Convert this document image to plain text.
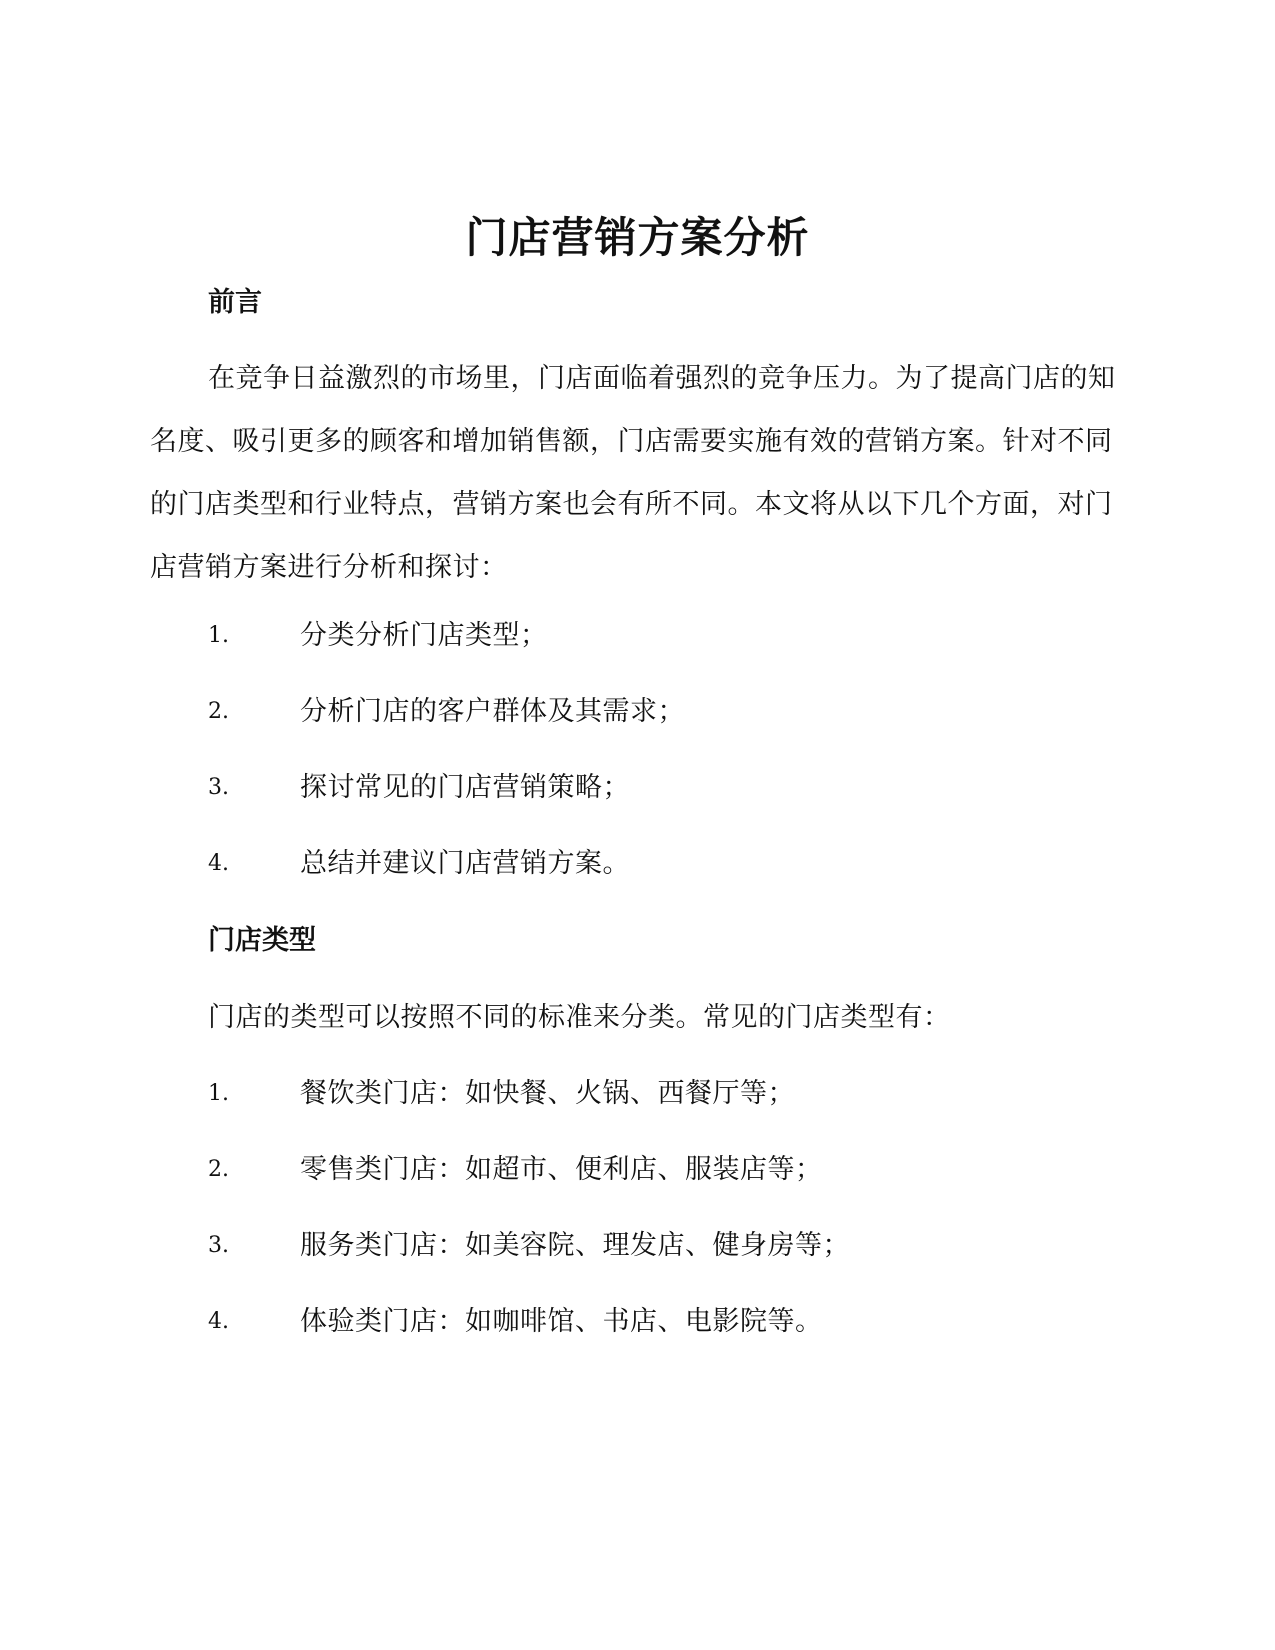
门店营销方案分析
前言

在竞争日益激烈的市场里，门店面临着强烈的竞争压力。为了提高门店的知名度、吸引更多的顾客和增加销售额，门店需要实施有效的营销方案。针对不同的门店类型和行业特点，营销方案也会有所不同。本文将从以下几个方面，对门店营销方案进行分析和探讨：

1.	分类分析门店类型；
2.	分析门店的客户群体及其需求；
3.	探讨常见的门店营销策略；
4.	总结并建议门店营销方案。
门店类型

门店的类型可以按照不同的标准来分类。常见的门店类型有：

1.	餐饮类门店：如快餐、火锅、西餐厅等；
2.	零售类门店：如超市、便利店、服装店等；
3.	服务类门店：如美容院、理发店、健身房等；
4.	体验类门店：如咖啡馆、书店、电影院等。
